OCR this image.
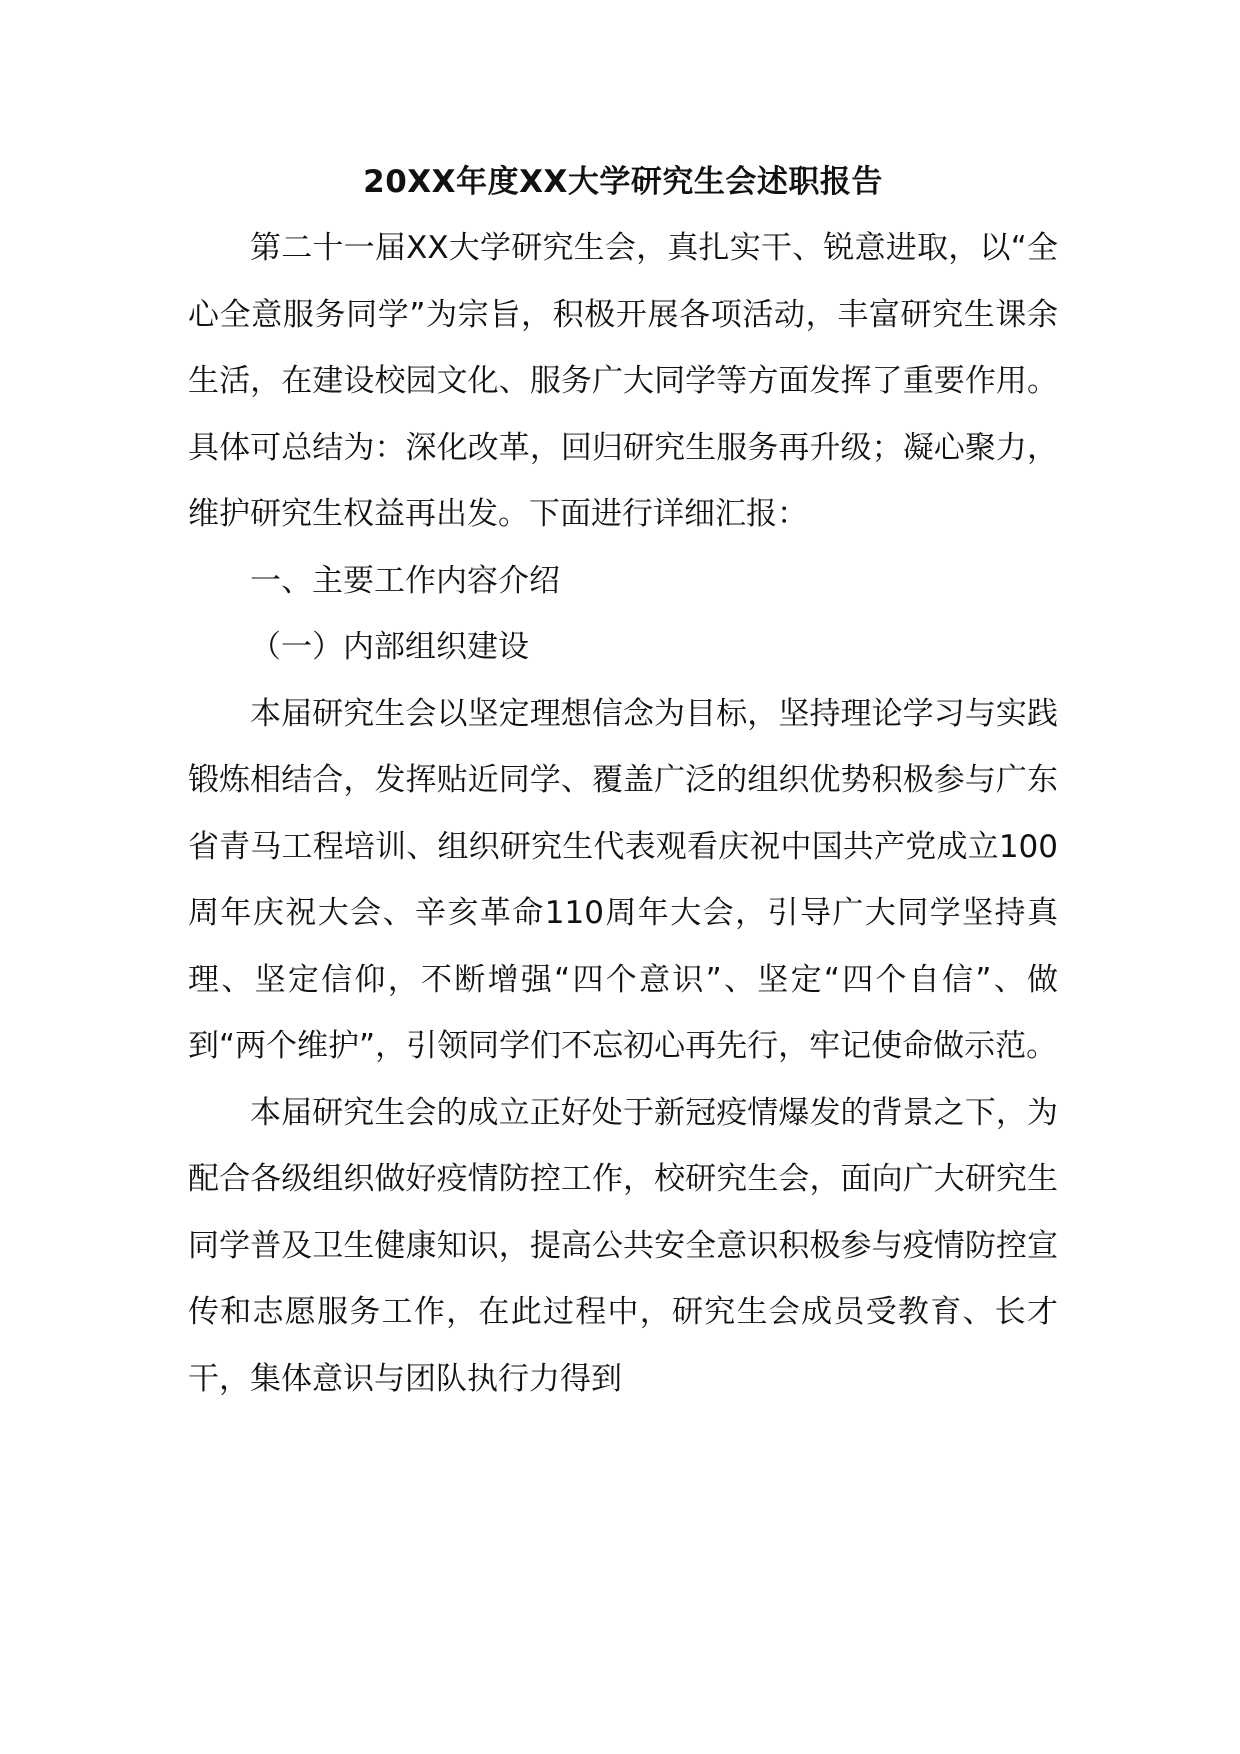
20XX年度XX大学研究生会述职报告

第二十一届XX大学研究生会，真扎实干、锐意进取，以“全心全意服务同学”为宗旨，积极开展各项活动，丰富研究生课余生活，在建设校园文化、服务广大同学等方面发挥了重要作用。具体可总结为：深化改革，回归研究生服务再升级；凝心聚力，维护研究生权益再出发。下面进行详细汇报：

一、主要工作内容介绍

（一）内部组织建设

本届研究生会以坚定理想信念为目标，坚持理论学习与实践锻炼相结合，发挥贴近同学、覆盖广泛的组织优势积极参与广东省青马工程培训、组织研究生代表观看庆祝中国共产党成立100周年庆祝大会、辛亥革命110周年大会，引导广大同学坚持真理、坚定信仰，不断增强“四个意识”、坚定“四个自信”、做到“两个维护”，引领同学们不忘初心再先行，牢记使命做示范。

本届研究生会的成立正好处于新冠疫情爆发的背景之下，为配合各级组织做好疫情防控工作，校研究生会，面向广大研究生同学普及卫生健康知识，提高公共安全意识积极参与疫情防控宣传和志愿服务工作，在此过程中，研究生会成员受教育、长才干，集体意识与团队执行力得到
